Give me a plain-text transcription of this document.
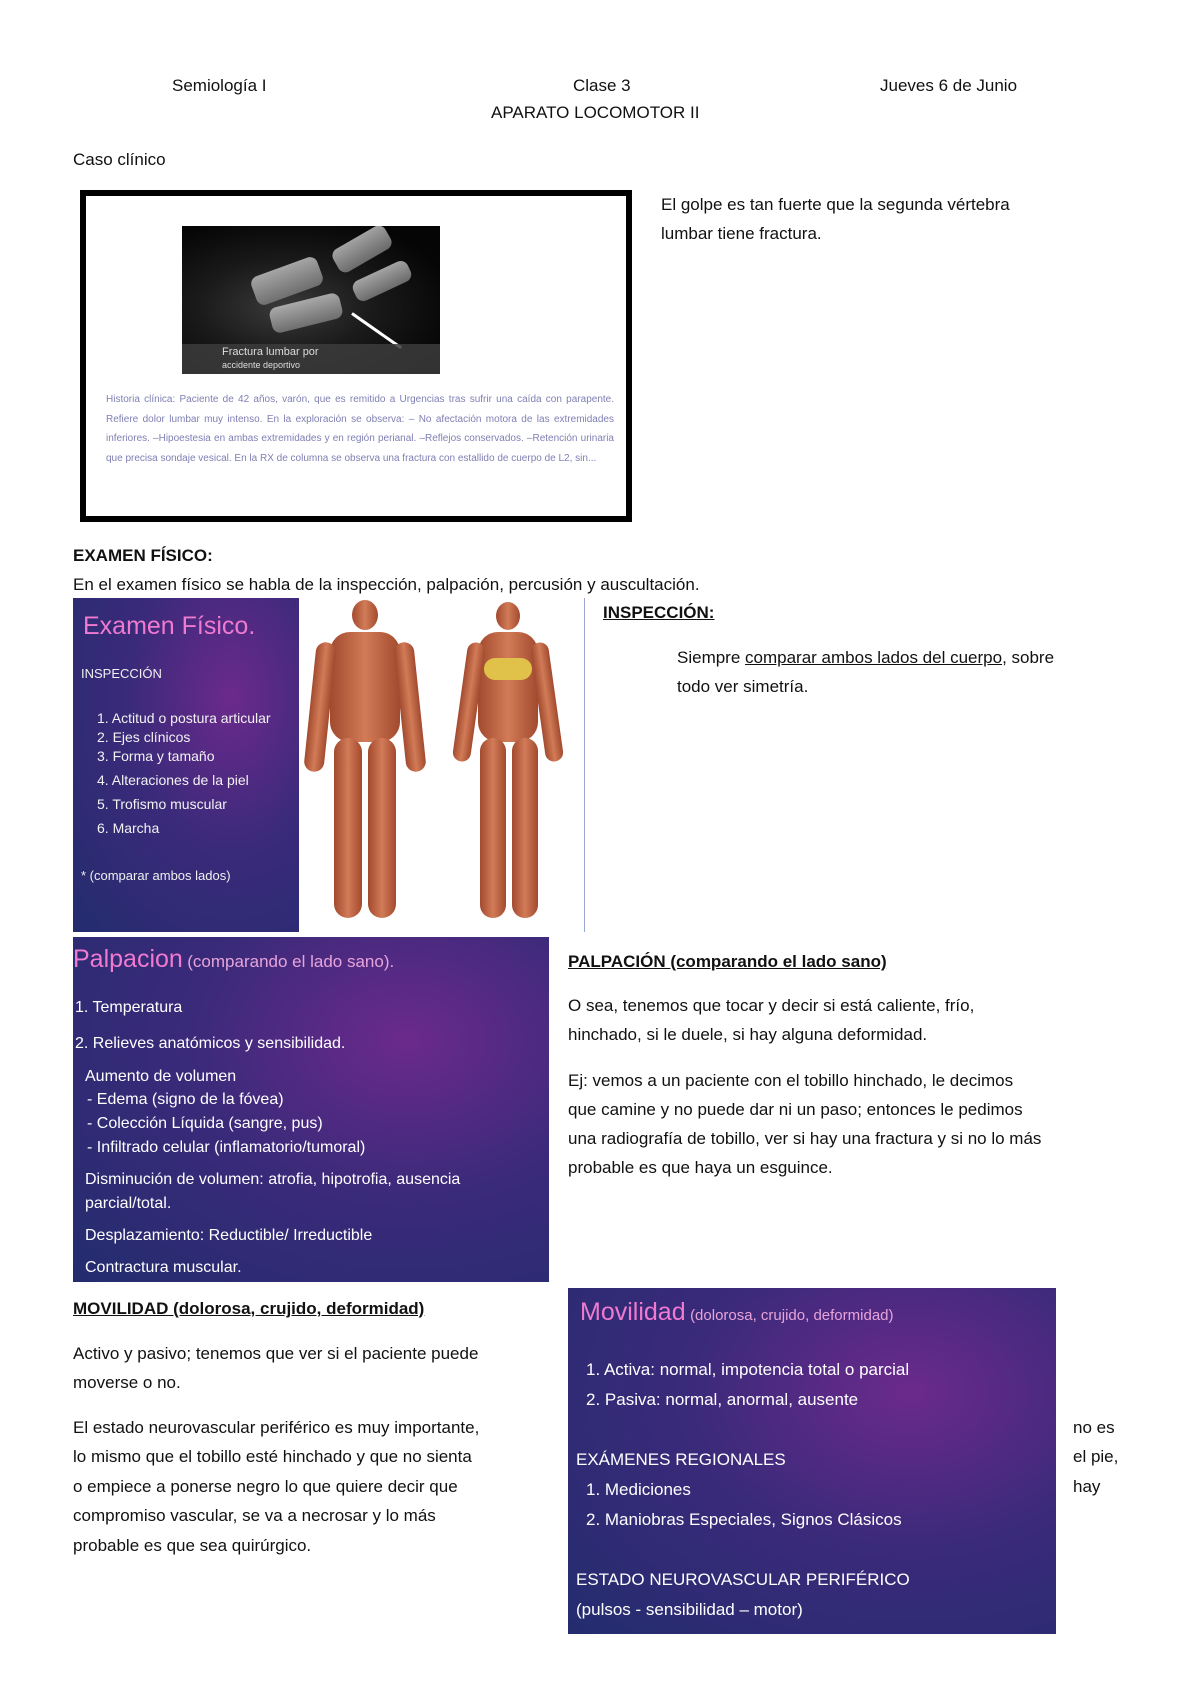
Semiología I	Clase 3	Jueves 6 de Junio
APARATO LOCOMOTOR II
Caso clínico
Fractura lumbar por
accidente deportivo
Historia clínica: Paciente de 42 años, varón, que es remitido a Urgencias tras sufrir una caída con parapente. Refiere dolor lumbar muy intenso. En la exploración se observa: – No afectación motora de las extremidades inferiores. –Hipoestesia en ambas extremidades y en región perianal. –Reflejos conservados. –Retención urinaria que precisa sondaje vesical. En la RX de columna se observa una fractura con estallido de cuerpo de L2, sin...
El golpe es tan fuerte que la segunda vértebra
lumbar tiene fractura.
EXAMEN FÍSICO:
En el examen físico se habla de la inspección, palpación, percusión y auscultación.
Examen Físico.
INSPECCIÓN
1. Actitud o postura articular
2. Ejes clínicos
3. Forma y tamaño
4. Alteraciones de la piel
5. Trofismo muscular
6. Marcha
* (comparar ambos lados)
INSPECCIÓN:
Siempre comparar ambos lados del cuerpo, sobre
todo ver simetría.
Palpacion (comparando el lado sano).
1. Temperatura
2. Relieves anatómicos y sensibilidad.
Aumento de volumen
- Edema (signo de la fóvea)
- Colección Líquida (sangre, pus)
- Infiltrado celular (inflamatorio/tumoral)
Disminución de volumen: atrofia, hipotrofia, ausencia
parcial/total.
Desplazamiento: Reductible/ Irreductible
Contractura muscular.
PALPACIÓN (comparando el lado sano)
O sea, tenemos que tocar y decir si está caliente, frío,
hinchado, si le duele, si hay alguna deformidad.
Ej: vemos a un paciente con el tobillo hinchado, le decimos
que camine y no puede dar ni un paso; entonces le pedimos
una radiografía de tobillo, ver si hay una fractura y si no lo más
probable es que haya un esguince.
MOVILIDAD (dolorosa, crujido, deformidad)
Activo y pasivo; tenemos que ver si el paciente puede
moverse o no.
El estado neurovascular periférico es muy importante,
lo mismo que el tobillo esté hinchado y que no sienta
o empiece a ponerse negro lo que quiere decir que
compromiso vascular, se va a necrosar y lo más
probable es que sea quirúrgico.
no es
el pie,
hay
Movilidad (dolorosa, crujido, deformidad)
1. Activa: normal, impotencia total o parcial
2. Pasiva: normal, anormal, ausente
EXÁMENES REGIONALES
1. Mediciones
2. Maniobras Especiales, Signos Clásicos
ESTADO NEUROVASCULAR PERIFÉRICO
(pulsos - sensibilidad – motor)
